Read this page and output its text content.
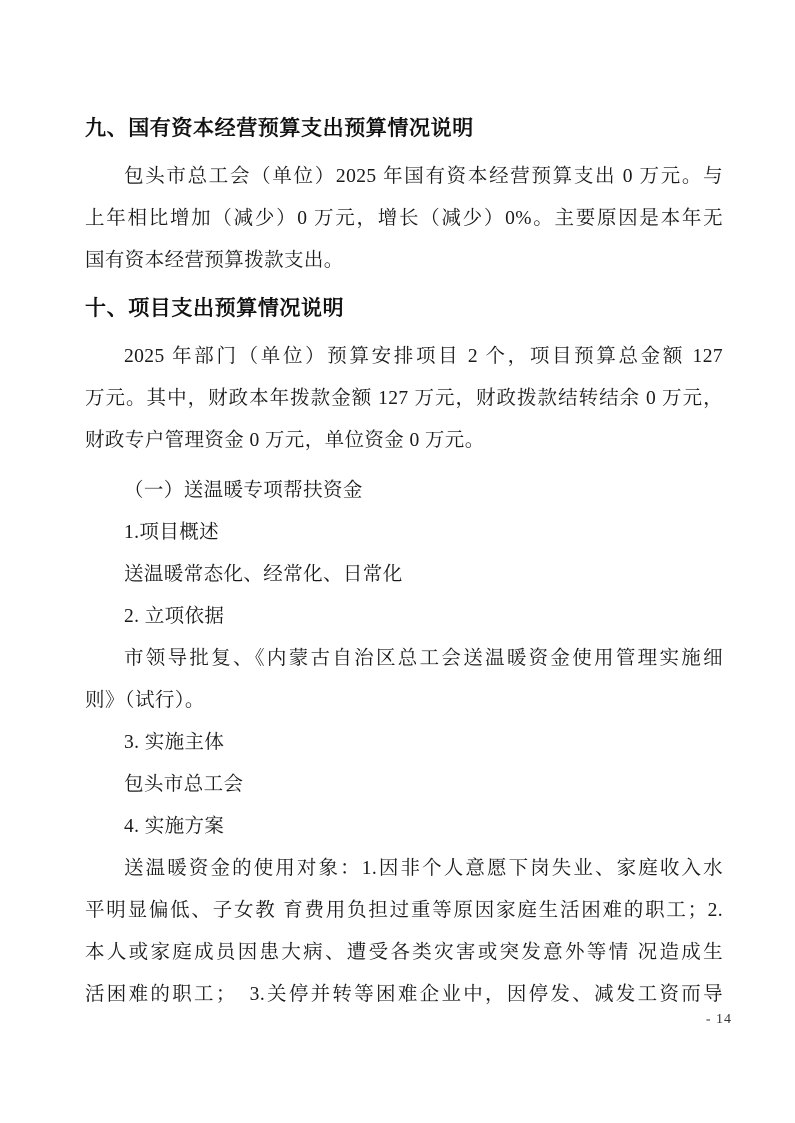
九、国有资本经营预算支出预算情况说明
包头市总工会（单位）2025 年国有资本经营预算支出 0 万元。与
上年相比增加（减少）0 万元，增长（减少）0%。主要原因是本年无
国有资本经营预算拨款支出。
十、项目支出预算情况说明
2025 年部门（单位）预算安排项目 2 个，项目预算总金额 127
万元。其中，财政本年拨款金额 127 万元，财政拨款结转结余 0 万元，
财政专户管理资金 0 万元，单位资金 0 万元。
（一）送温暖专项帮扶资金
1.项目概述
送温暖常态化、经常化、日常化
2. 立项依据
市领导批复、《内蒙古自治区总工会送温暖资金使用管理实施细
则》（试行）。
3. 实施主体
包头市总工会
4. 实施方案
送温暖资金的使用对象：1.因非个人意愿下岗失业、家庭收入水
平明显偏低、子女教 育费用负担过重等原因家庭生活困难的职工；2.
本人或家庭成员因患大病、遭受各类灾害或突发意外等情 况造成生
活困难的职工；　3.关停并转等困难企业中，因停发、减发工资而导
- 14
